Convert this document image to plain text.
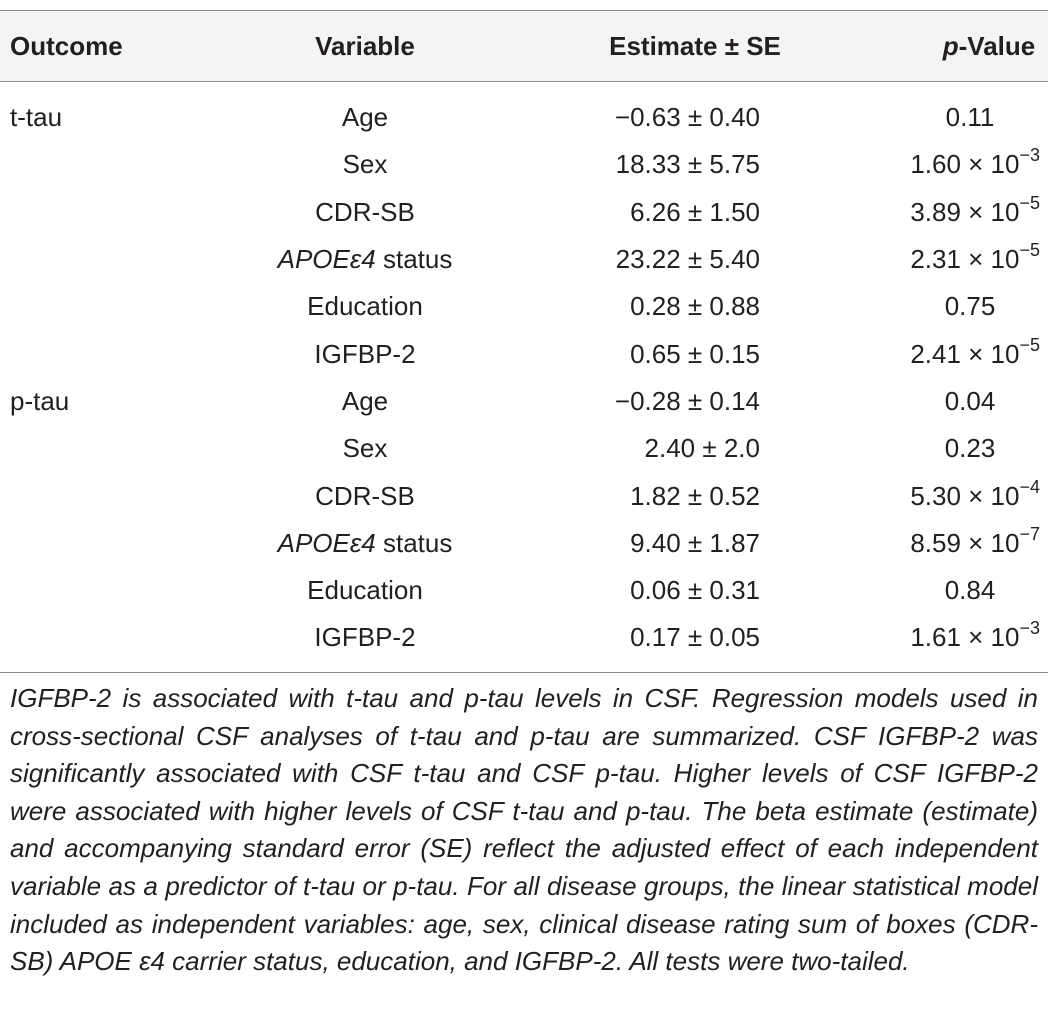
Outcome	Variable	Estimate ± SE	p-Value
t-tau	Age	−0.63 ± 0.40	0.11
	Sex	18.33 ± 5.75	$1.60 \times 10^{-3}$
	CDR-SB	6.26 ± 1.50	$3.89 \times 10^{-5}$
	APOEε4 status	23.22 ± 5.40	$2.31 \times 10^{-5}$
	Education	0.28 ± 0.88	0.75
	IGFBP-2	0.65 ± 0.15	$2.41 \times 10^{-5}$
p-tau	Age	−0.28 ± 0.14	0.04
	Sex	2.40 ± 2.0	0.23
	CDR-SB	1.82 ± 0.52	$5.30 \times 10^{-4}$
	APOEε4 status	9.40 ± 1.87	$8.59 \times 10^{-7}$
	Education	0.06 ± 0.31	0.84
	IGFBP-2	0.17 ± 0.05	$1.61 \times 10^{-3}$
IGFBP-2 is associated with t-tau and p-tau levels in CSF. Regression models used in cross-sectional CSF analyses of t-tau and p-tau are summarized. CSF IGFBP-2 was significantly associated with CSF t-tau and CSF p-tau. Higher levels of CSF IGFBP-2 were associated with higher levels of CSF t-tau and p-tau. The beta estimate (estimate) and accompanying standard error (SE) reflect the adjusted effect of each independent variable as a predictor of t-tau or p-tau. For all disease groups, the linear statistical model included as independent variables: age, sex, clinical disease rating sum of boxes (CDR-SB) APOE ε4 carrier status, education, and IGFBP-2. All tests were two-tailed.
